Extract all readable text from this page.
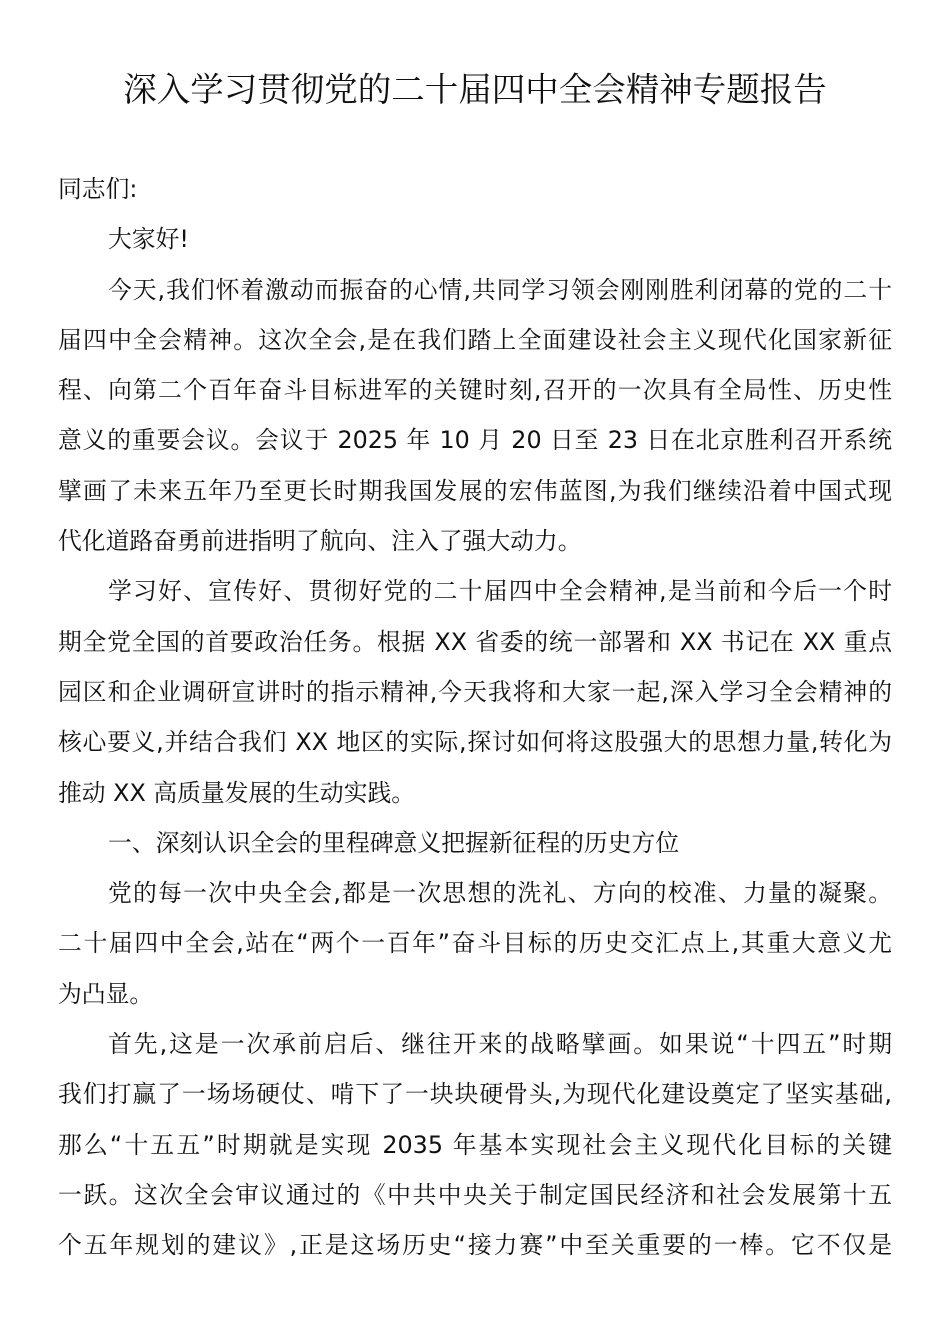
深入学习贯彻党的二十届四中全会精神专题报告
同志们:
大家好!
今天,我们怀着激动而振奋的心情,共同学习领会刚刚胜利闭幕的党的二十
届四中全会精神。这次全会,是在我们踏上全面建设社会主义现代化国家新征
程、向第二个百年奋斗目标进军的关键时刻,召开的一次具有全局性、历史性
意义的重要会议。会议于 2025 年 10 月 20 日至 23 日在北京胜利召开系统
擘画了未来五年乃至更长时期我国发展的宏伟蓝图,为我们继续沿着中国式现
代化道路奋勇前进指明了航向、注入了强大动力。
学习好、宣传好、贯彻好党的二十届四中全会精神,是当前和今后一个时
期全党全国的首要政治任务。根据 XX 省委的统一部署和 XX 书记在 XX 重点
园区和企业调研宣讲时的指示精神,今天我将和大家一起,深入学习全会精神的
核心要义,并结合我们 XX 地区的实际,探讨如何将这股强大的思想力量,转化为
推动 XX 高质量发展的生动实践。
一、深刻认识全会的里程碑意义把握新征程的历史方位
党的每一次中央全会,都是一次思想的洗礼、方向的校准、力量的凝聚。
二十届四中全会,站在“两个一百年”奋斗目标的历史交汇点上,其重大意义尤
为凸显。
首先,这是一次承前启后、继往开来的战略擘画。如果说“十四五”时期
我们打赢了一场场硬仗、啃下了一块块硬骨头,为现代化建设奠定了坚实基础,
那么“十五五”时期就是实现 2035 年基本实现社会主义现代化目标的关键
一跃。这次全会审议通过的《中共中央关于制定国民经济和社会发展第十五
个五年规划的建议》,正是这场历史“接力赛”中至关重要的一棒。它不仅是
